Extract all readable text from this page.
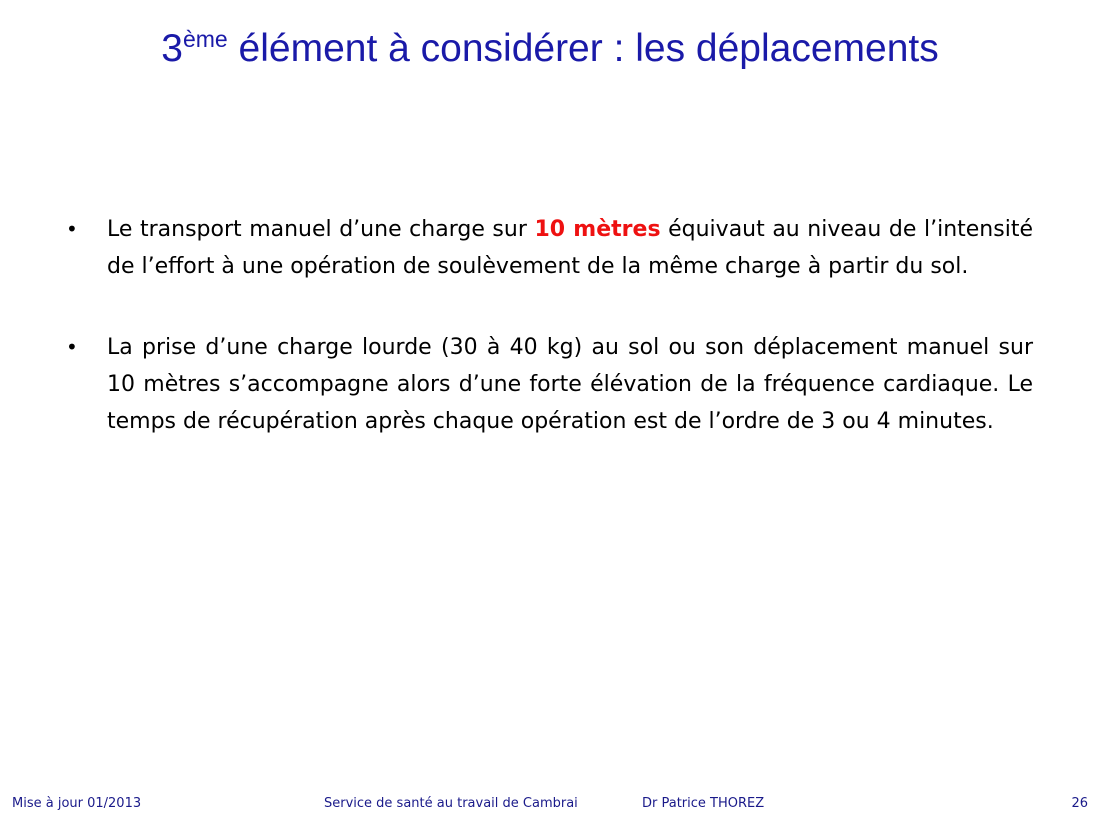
3ème élément à considérer : les déplacements
• Le transport manuel d’une charge sur 10 mètres équivaut au niveau de l’intensité de l’effort à une opération de soulèvement de la même charge à partir du sol.
• La prise d’une charge lourde (30 à 40 kg) au sol ou son déplacement manuel sur 10 mètres s’accompagne alors d’une forte élévation de la fréquence cardiaque. Le temps de récupération après chaque opération est de l’ordre de 3 ou 4 minutes.
Mise à jour 01/2013	Service de santé au travail de Cambrai	Dr Patrice THOREZ	26
